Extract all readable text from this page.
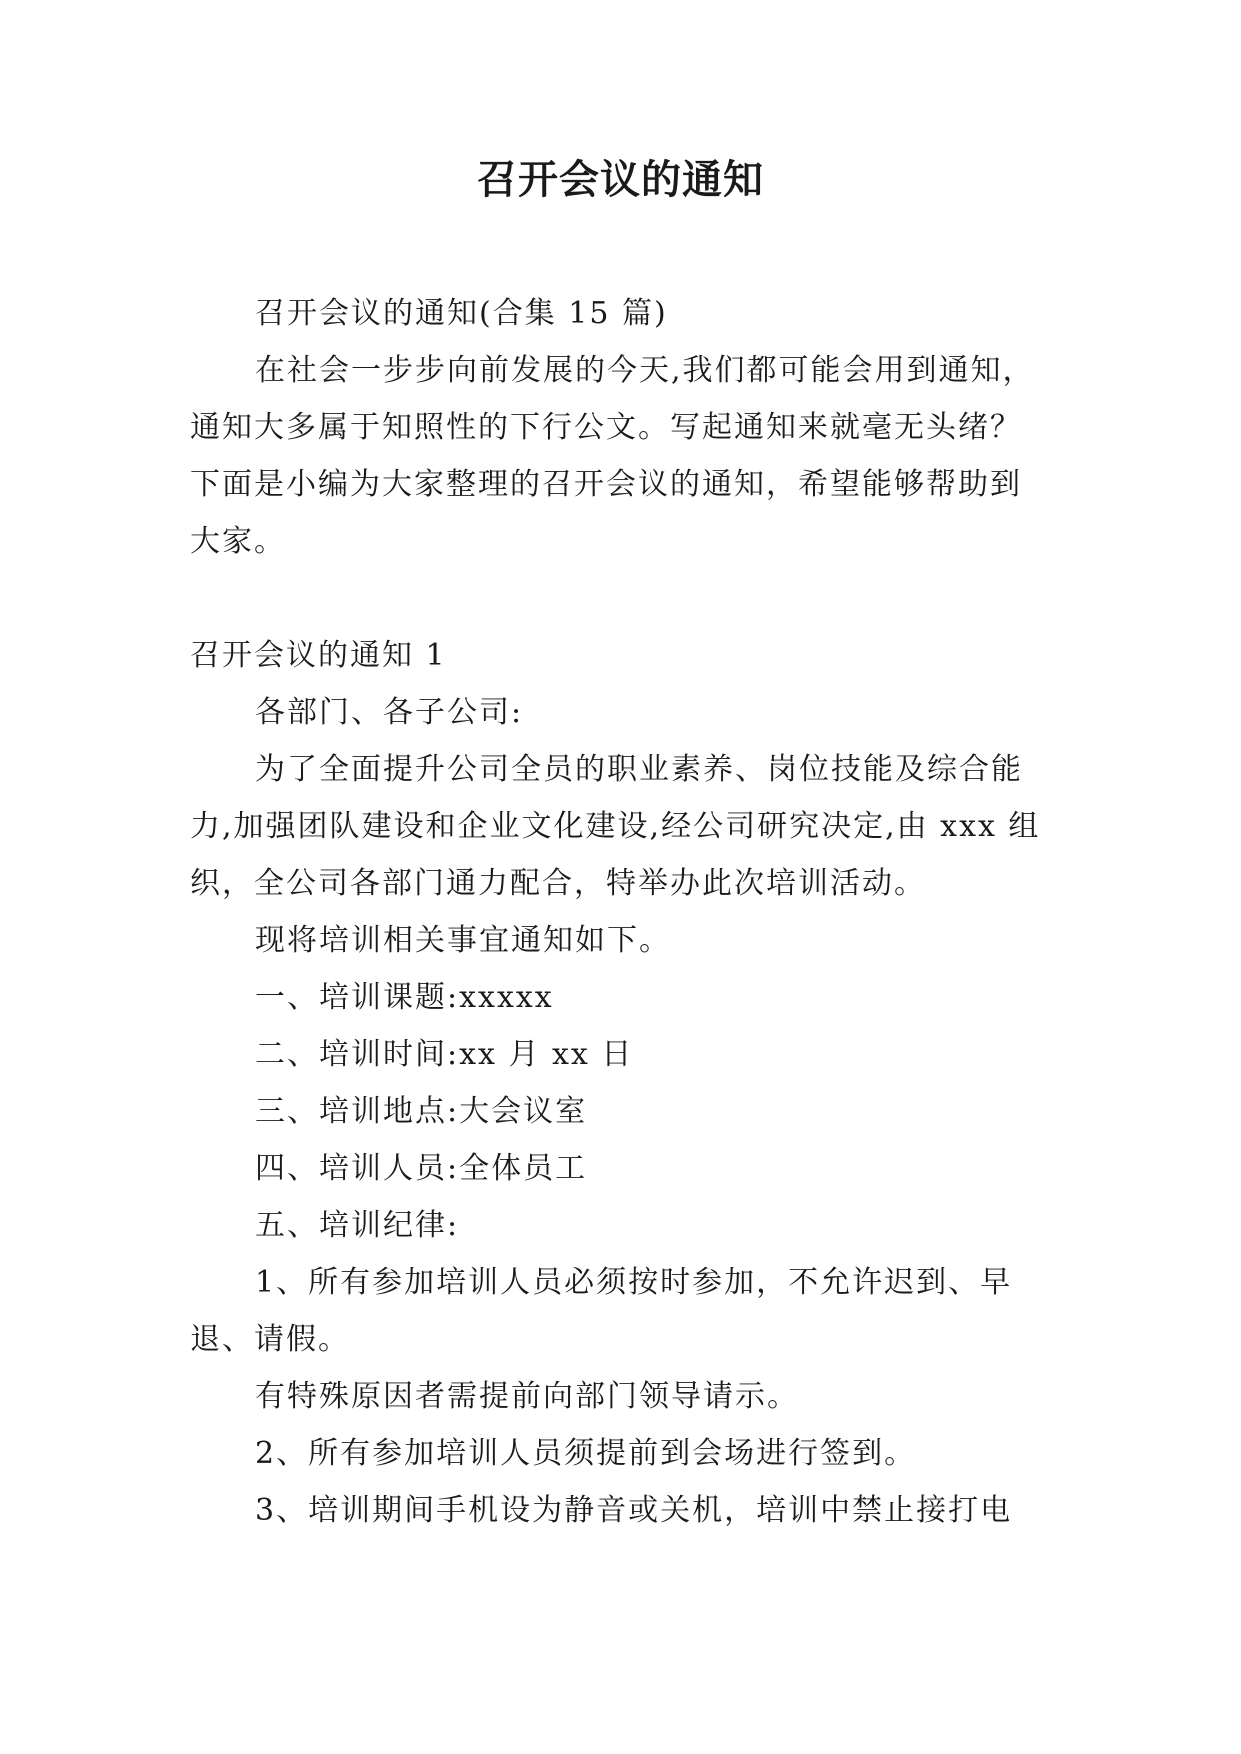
召开会议的通知

召开会议的通知(合集 15 篇)

在社会一步步向前发展的今天,我们都可能会用到通知，通知大多属于知照性的下行公文。写起通知来就毫无头绪？下面是小编为大家整理的召开会议的通知，希望能够帮助到大家。

召开会议的通知 1

各部门、各子公司:

为了全面提升公司全员的职业素养、岗位技能及综合能力,加强团队建设和企业文化建设,经公司研究决定,由 xxx 组织，全公司各部门通力配合，特举办此次培训活动。

现将培训相关事宜通知如下。

一、培训课题:xxxxx

二、培训时间:xx 月 xx 日

三、培训地点:大会议室

四、培训人员:全体员工

五、培训纪律:

1、所有参加培训人员必须按时参加，不允许迟到、早退、请假。

有特殊原因者需提前向部门领导请示。

2、所有参加培训人员须提前到会场进行签到。

3、培训期间手机设为静音或关机，培训中禁止接打电
